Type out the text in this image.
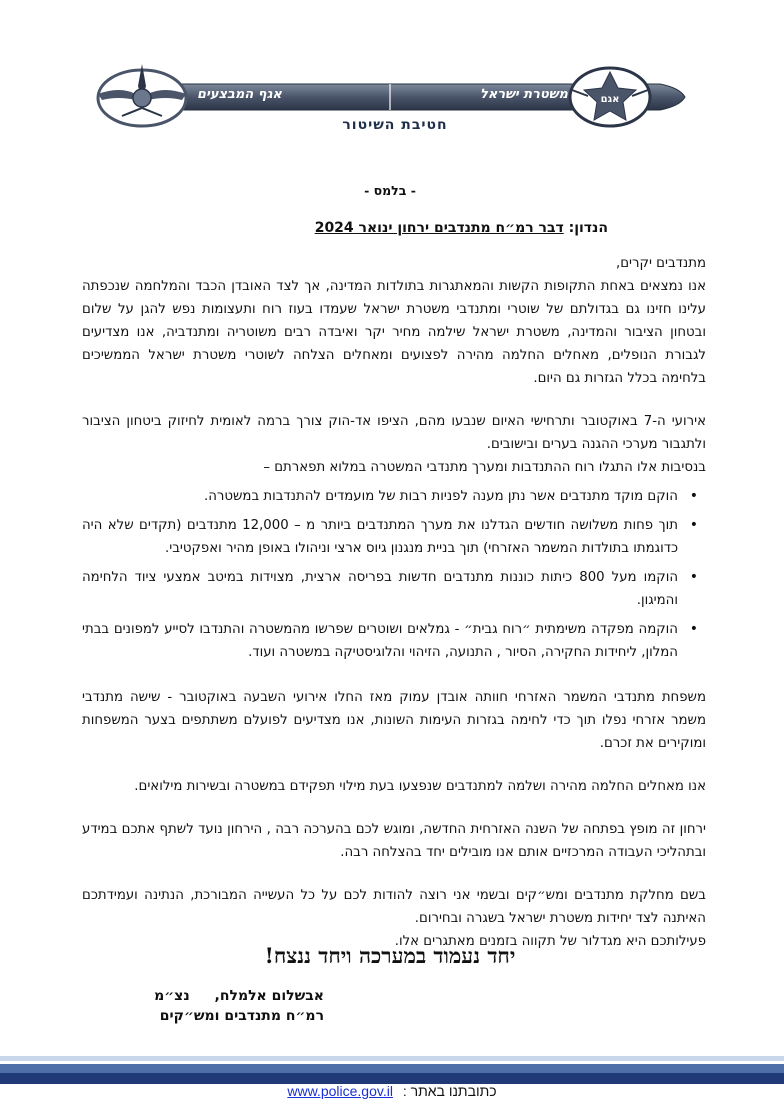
משטרת ישראל
אגף המבצעים	אגם
חטיבת השיטור
- בלמס -
הנדון: דבר רמ״ח מתנדבים ירחון ינואר 2024

מתנדבים יקרים,

אנו נמצאים באחת התקופות הקשות והמאתגרות בתולדות המדינה, אך לצד האובדן הכבד והמלחמה שנכפתה עלינו חזינו גם בגדולתם של שוטרי ומתנדבי משטרת ישראל שעמדו בעוז רוח ותעצומות נפש להגן על שלום ובטחון הציבור והמדינה, משטרת ישראל שילמה מחיר יקר ואיבדה רבים משוטריה ומתנדביה, אנו מצדיעים לגבורת הנופלים, מאחלים החלמה מהירה לפצועים ומאחלים הצלחה לשוטרי משטרת ישראל הממשיכים בלחימה בכלל הגזרות גם היום.

אירועי ה-7 באוקטובר ותרחישי האיום שנבעו מהם, הציפו אד-הוק צורך ברמה לאומית לחיזוק ביטחון הציבור ולתגבור מערכי ההגנה בערים ובישובים.

בנסיבות אלו התגלו רוח ההתנדבות ומערך מתנדבי המשטרה במלוא תפארתם –

• הוקם מוקד מתנדבים אשר נתן מענה לפניות רבות של מועמדים להתנדבות במשטרה.
• תוך פחות משלושה חודשים הגדלנו את מערך המתנדבים ביותר מ – 12,000 מתנדבים (תקדים שלא היה כדוגמתו בתולדות המשמר האזרחי) תוך בניית מנגנון גיוס ארצי וניהולו באופן מהיר ואפקטיבי.
• הוקמו מעל 800 כיתות כוננות מתנדבים חדשות בפריסה ארצית, מצוידות במיטב אמצעי ציוד הלחימה והמיגון.
• הוקמה מפקדה משימתית ״רוח גבית״ - גמלאים ושוטרים שפרשו מהמשטרה והתנדבו לסייע למפונים בבתי המלון, ליחידות החקירה, הסיור , התנועה, הזיהוי והלוגיסטיקה במשטרה ועוד.

משפחת מתנדבי המשמר האזרחי חוותה אובדן עמוק מאז החלו אירועי השבעה באוקטובר - שישה מתנדבי משמר אזרחי נפלו תוך כדי לחימה בגזרות העימות השונות, אנו מצדיעים לפועלם משתתפים בצער המשפחות ומוקירים את זכרם.

אנו מאחלים החלמה מהירה ושלמה למתנדבים שנפצעו בעת מילוי תפקידם במשטרה ובשירות מילואים.

ירחון זה מופץ בפתחה של השנה האזרחית החדשה, ומוגש לכם בהערכה רבה , הירחון נועד לשתף אתכם במידע ובתהליכי העבודה המרכזיים אותם אנו מובילים יחד בהצלחה רבה.

בשם מחלקת מתנדבים ומש״קים ובשמי אני רוצה להודות לכם על כל העשייה המבורכת, הנתינה ועמידתכם האיתנה לצד יחידות משטרת ישראל בשגרה ובחירום.

פעילותכם היא מגדלור של תקווה בזמנים מאתגרים אלו.

יחד נעמוד במערכה ויחד ננצח!
אבשלום אלמלח, נצ״מ
רמ״ח מתנדבים ומש״קים
כתובתנו באתר : www.police.gov.il
